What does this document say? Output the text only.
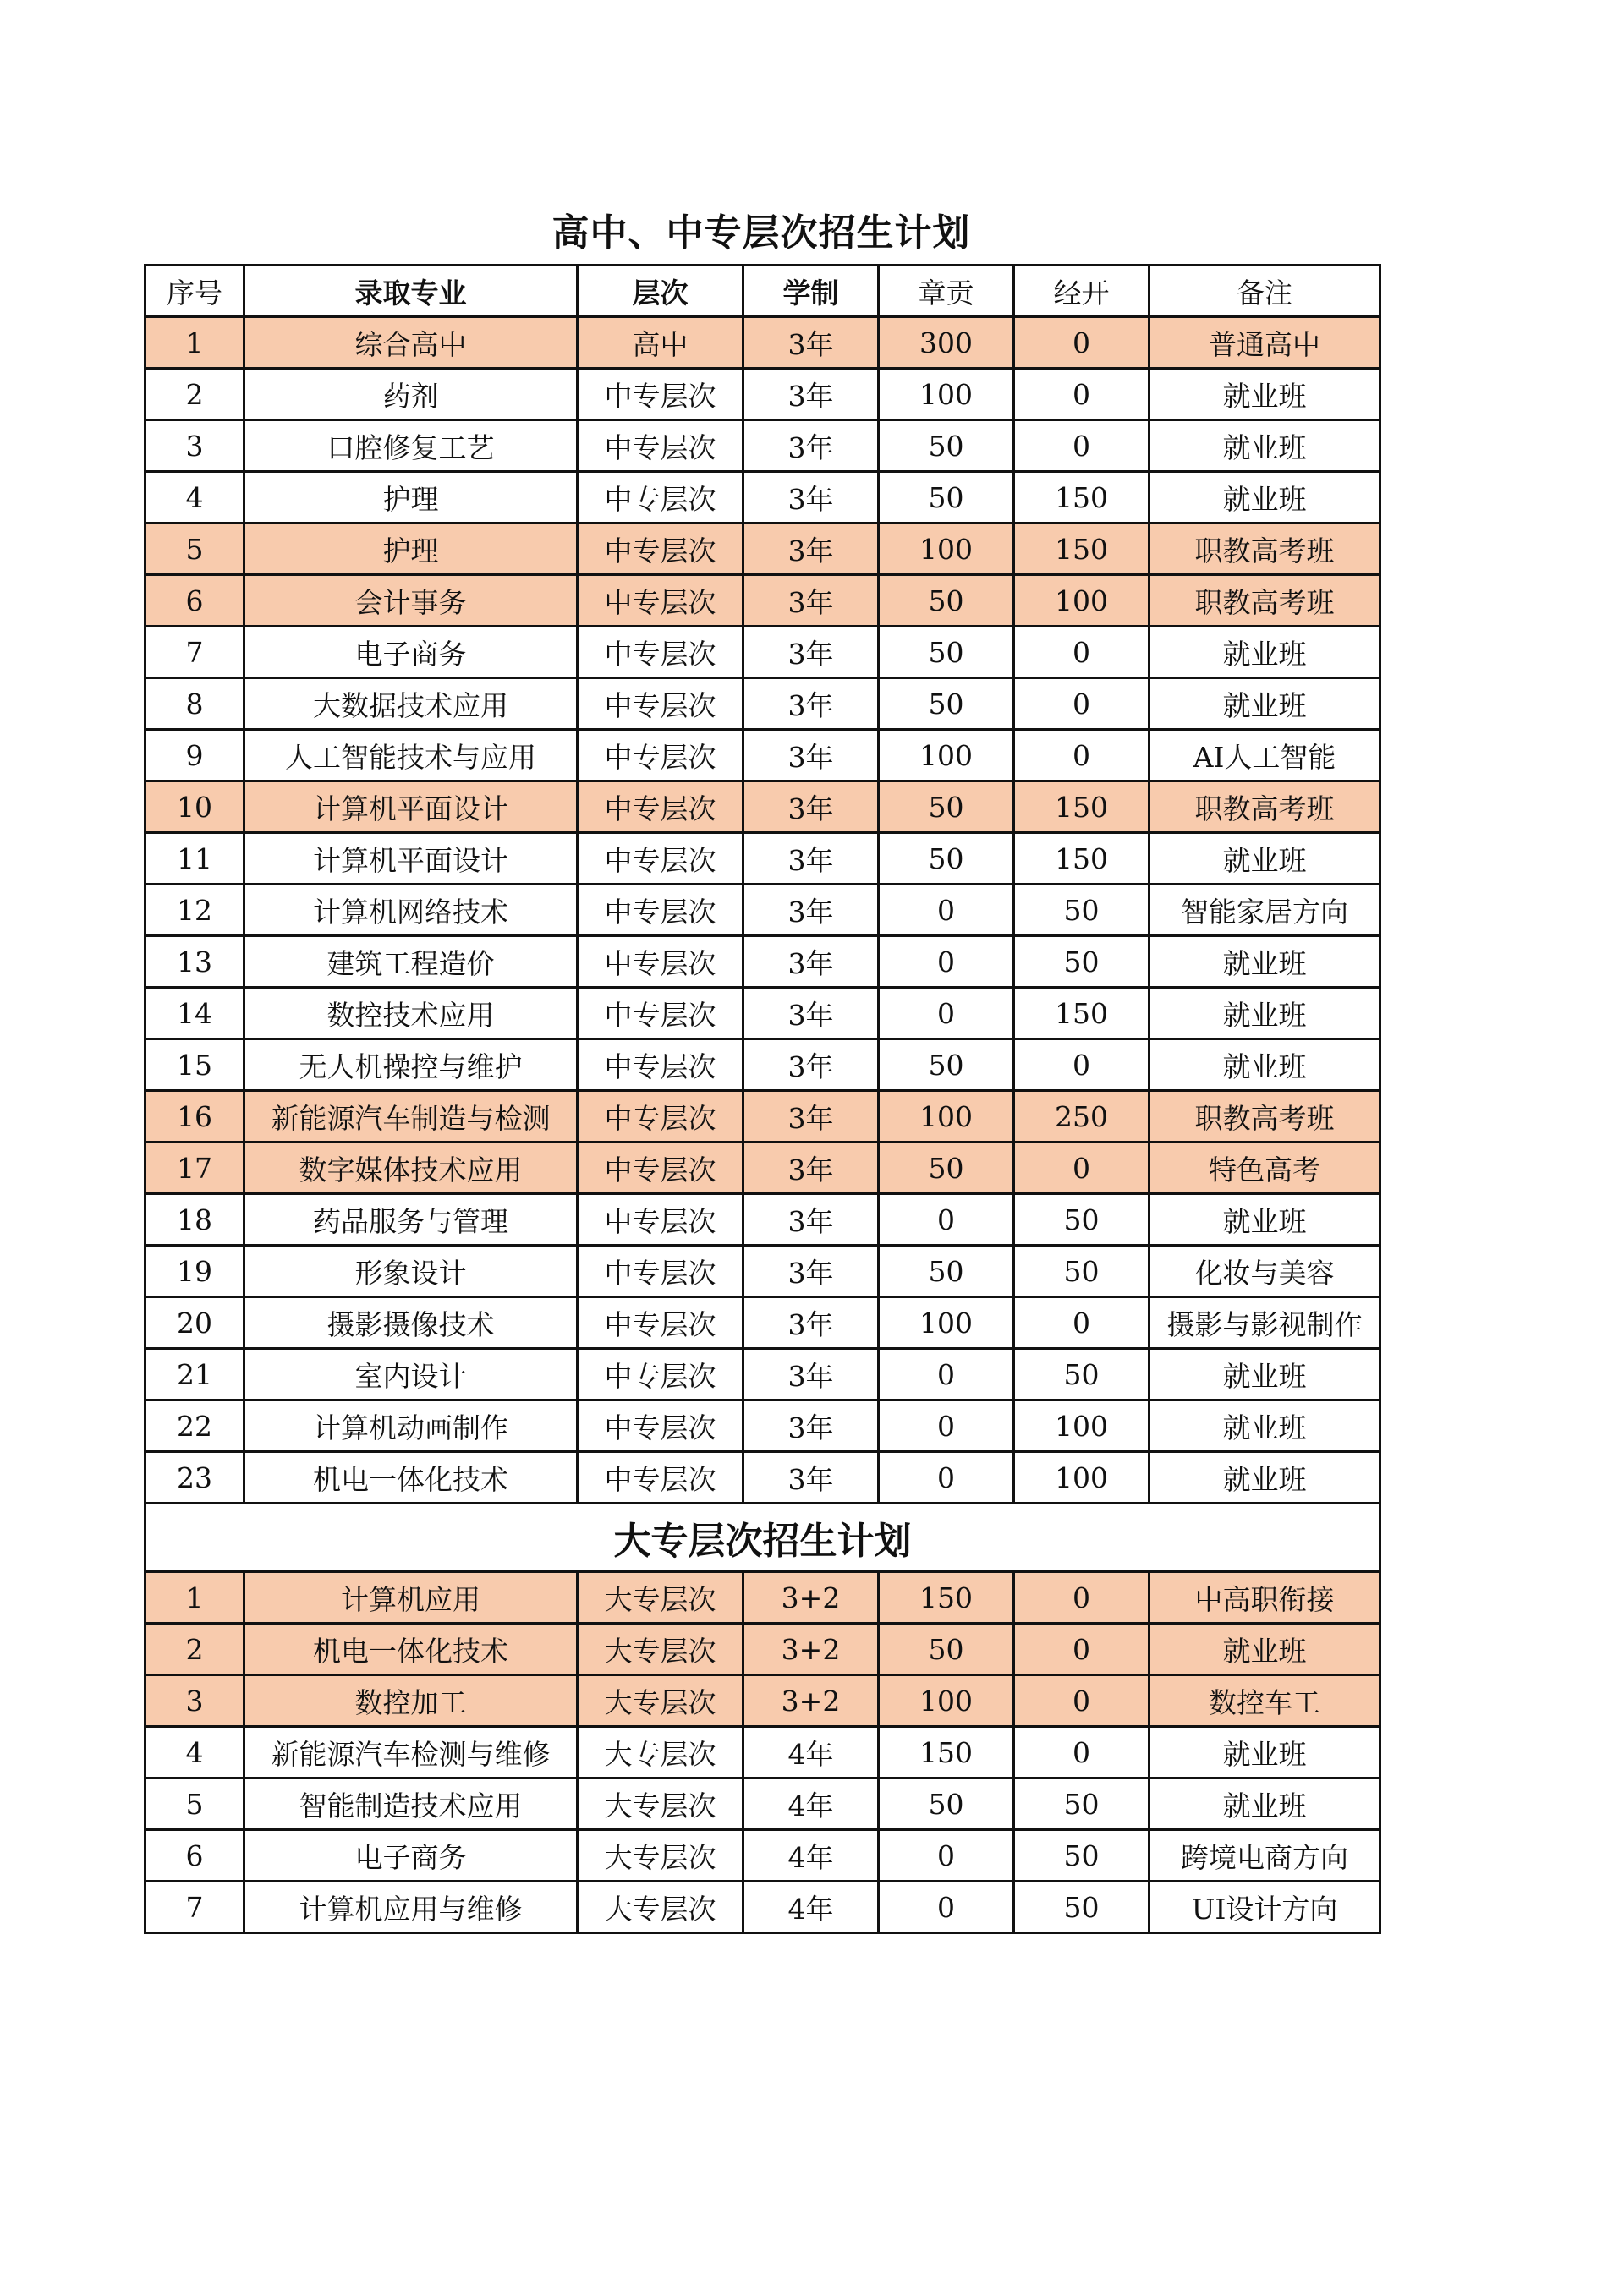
高中、中专层次招生计划
序号	录取专业	层次	学制	章贡	经开	备注
1	综合高中	高中	3年	300	0	普通高中
2	药剂	中专层次	3年	100	0	就业班
3	口腔修复工艺	中专层次	3年	50	0	就业班
4	护理	中专层次	3年	50	150	就业班
5	护理	中专层次	3年	100	150	职教高考班
6	会计事务	中专层次	3年	50	100	职教高考班
7	电子商务	中专层次	3年	50	0	就业班
8	大数据技术应用	中专层次	3年	50	0	就业班
9	人工智能技术与应用	中专层次	3年	100	0	AI人工智能
10	计算机平面设计	中专层次	3年	50	150	职教高考班
11	计算机平面设计	中专层次	3年	50	150	就业班
12	计算机网络技术	中专层次	3年	0	50	智能家居方向
13	建筑工程造价	中专层次	3年	0	50	就业班
14	数控技术应用	中专层次	3年	0	150	就业班
15	无人机操控与维护	中专层次	3年	50	0	就业班
16	新能源汽车制造与检测	中专层次	3年	100	250	职教高考班
17	数字媒体技术应用	中专层次	3年	50	0	特色高考
18	药品服务与管理	中专层次	3年	0	50	就业班
19	形象设计	中专层次	3年	50	50	化妆与美容
20	摄影摄像技术	中专层次	3年	100	0	摄影与影视制作
21	室内设计	中专层次	3年	0	50	就业班
22	计算机动画制作	中专层次	3年	0	100	就业班
23	机电一体化技术	中专层次	3年	0	100	就业班
大专层次招生计划						
1	计算机应用	大专层次	3+2	150	0	中高职衔接
2	机电一体化技术	大专层次	3+2	50	0	就业班
3	数控加工	大专层次	3+2	100	0	数控车工
4	新能源汽车检测与维修	大专层次	4年	150	0	就业班
5	智能制造技术应用	大专层次	4年	50	50	就业班
6	电子商务	大专层次	4年	0	50	跨境电商方向
7	计算机应用与维修	大专层次	4年	0	50	UI设计方向
